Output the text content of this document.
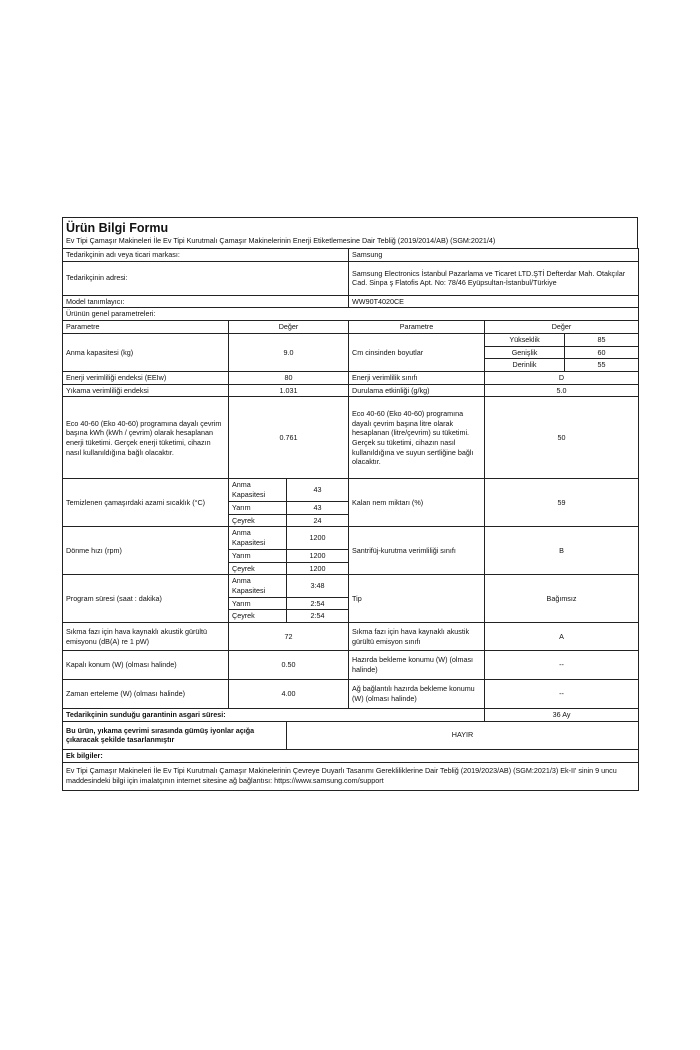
Ürün Bilgi Formu
Ev Tipi Çamaşır Makineleri İle Ev Tipi Kurutmalı Çamaşır Makinelerinin Enerji Etiketlemesine Dair Tebliğ (2019/2014/AB) (SGM:2021/4)
Tedarikçinin adı veya ticari markası:			Samsung		
Tedarikçinin adresi:			Samsung Electronics İstanbul Pazarlama ve Ticaret LTD.ŞTİ Defterdar Mah. Otakçılar Cad. Sinpa ş Flatofis Apt. No: 78/46 Eyüpsultan-İstanbul/Türkiye		
Model tanımlayıcı:			WW90T4020CE		
Ürünün genel parametreleri:					
Parametre	Değer		Parametre	Değer	
Anma kapasitesi (kg)	9.0		Cm cinsinden boyutlar	Yükseklik	85
				Genişlik	60
				Derinlik	55
Enerji verimliliği endeksi (EEIw)	80		Enerji verimlilik sınıfı	D	
Yıkama verimliliği endeksi	1.031		Durulama etkinliği (g/kg)	5.0	
Eco 40-60 (Eko 40-60) programına dayalı çevrim başına kWh (kWh / çevrim) olarak hesaplanan enerji tüketimi. Gerçek enerji tüketimi, cihazın nasıl kullanıldığına bağlı olacaktır.	0.761		Eco 40-60 (Eko 40-60) programına dayalı çevrim başına litre olarak hesaplanan (litre/çevrim) su tüketimi. Gerçek su tüketimi, cihazın nasıl kullanıldığına ve suyun sertliğine bağlı olacaktır.	50	
Temizlenen çamaşırdaki azami sıcaklık (°C)	Anma Kapasitesi	43	Kalan nem miktarı (%)	59	
	Yarım	43			
	Çeyrek	24			
Dönme hızı (rpm)	Anma Kapasitesi	1200	Santrifüj-kurutma verimliliği sınıfı	B	
	Yarım	1200			
	Çeyrek	1200			
Program süresi (saat : dakika)	Anma Kapasitesi	3:48	Tip	Bağımsız	
	Yarım	2:54			
	Çeyrek	2:54			
Sıkma fazı için hava kaynaklı akustik gürültü emisyonu (dB(A) re 1 pW)	72		Sıkma fazı için hava kaynaklı akustik gürültü emisyon sınıfı	A	
Kapalı konum (W) (olması halinde)	0.50		Hazırda bekleme konumu (W) (olması halinde)	--	
Zaman erteleme (W) (olması halinde)	4.00		Ağ bağlantılı hazırda bekleme konumu (W) (olması halinde)	--	
Tedarikçinin sunduğu garantinin asgari süresi:				36 Ay	
Bu ürün, yıkama çevrimi sırasında gümüş iyonlar açığa çıkaracak şekilde tasarlanmıştır		HAYIR			
Ek bilgiler:					
Ev Tipi Çamaşır Makineleri İle Ev Tipi Kurutmalı Çamaşır Makinelerinin Çevreye Duyarlı Tasarımı Gerekliliklerine Dair Tebliğ (2019/2023/AB) (SGM:2021/3) Ek-II' sinin 9 uncu maddesindeki bilgi için imalatçının internet sitesine ağ bağlantısı: https://www.samsung.com/support					
